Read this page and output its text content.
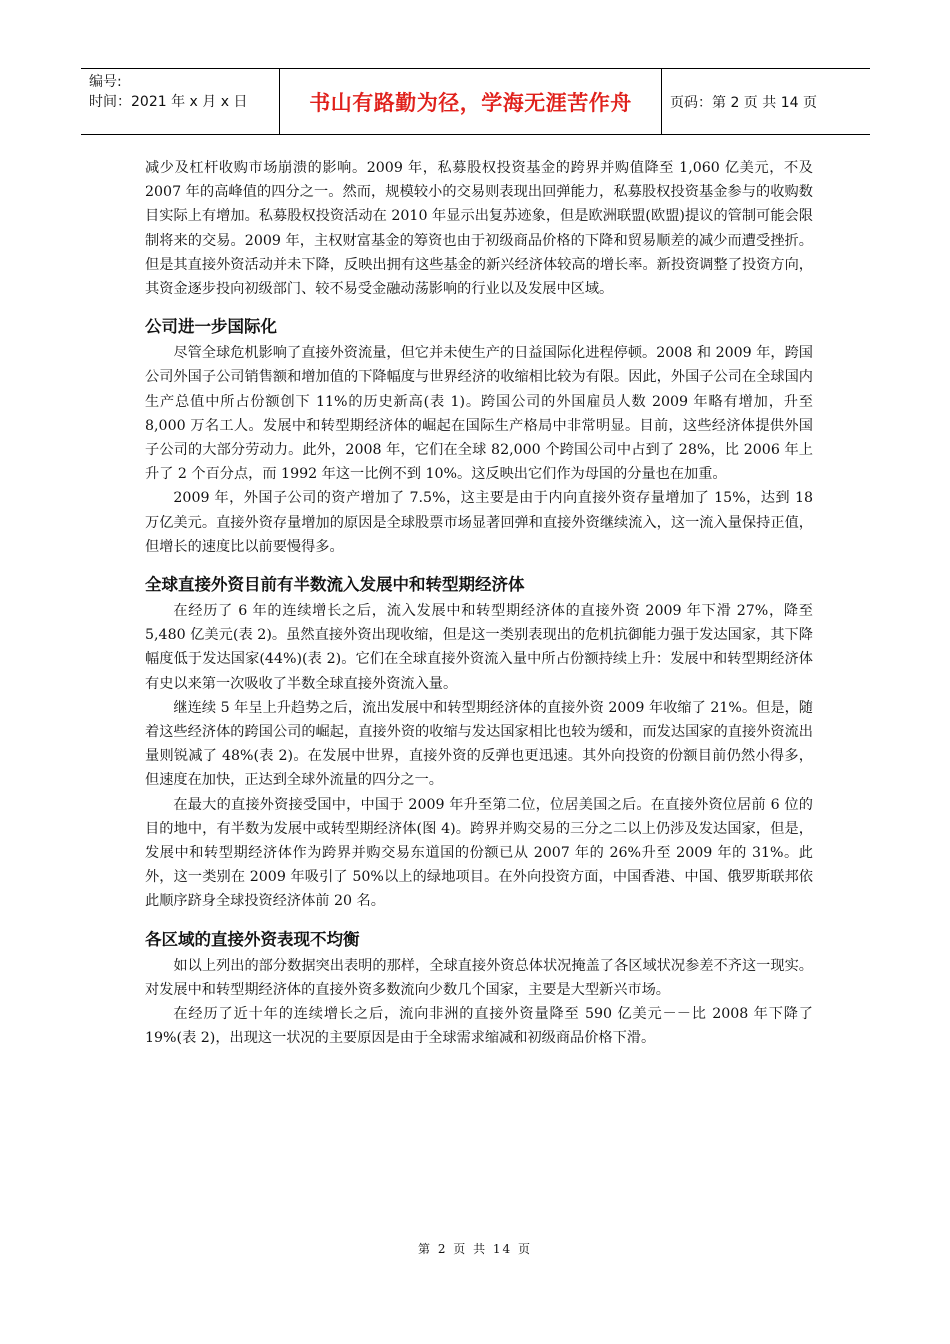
编号:
时间：2021 年 x 月 x 日	书山有路勤为径，学海无涯苦作舟	页码：第 2 页 共 14 页

减少及杠杆收购市场崩溃的影响。2009 年，私募股权投资基金的跨界并购值降至 1,060 亿美元，不及 2007 年的高峰值的四分之一。然而，规模较小的交易则表现出回弹能力，私募股权投资基金参与的收购数目实际上有增加。私募股权投资活动在 2010 年显示出复苏迹象，但是欧洲联盟(欧盟)提议的管制可能会限制将来的交易。2009 年，主权财富基金的筹资也由于初级商品价格的下降和贸易顺差的减少而遭受挫折。但是其直接外资活动并未下降，反映出拥有这些基金的新兴经济体较高的增长率。新投资调整了投资方向，其资金逐步投向初级部门、较不易受金融动荡影响的行业以及发展中区域。

公司进一步国际化

尽管全球危机影响了直接外资流量，但它并未使生产的日益国际化进程停顿。2008 和 2009 年，跨国公司外国子公司销售额和增加值的下降幅度与世界经济的收缩相比较为有限。因此，外国子公司在全球国内生产总值中所占份额创下 11%的历史新高(表 1)。跨国公司的外国雇员人数 2009 年略有增加，升至 8,000 万名工人。发展中和转型期经济体的崛起在国际生产格局中非常明显。目前，这些经济体提供外国子公司的大部分劳动力。此外，2008 年，它们在全球 82,000 个跨国公司中占到了 28%，比 2006 年上升了 2 个百分点，而 1992 年这一比例不到 10%。这反映出它们作为母国的分量也在加重。

2009 年，外国子公司的资产增加了 7.5%，这主要是由于内向直接外资存量增加了 15%，达到 18 万亿美元。直接外资存量增加的原因是全球股票市场显著回弹和直接外资继续流入，这一流入量保持正值，但增长的速度比以前要慢得多。

全球直接外资目前有半数流入发展中和转型期经济体

在经历了 6 年的连续增长之后，流入发展中和转型期经济体的直接外资 2009 年下滑 27%，降至 5,480 亿美元(表 2)。虽然直接外资出现收缩，但是这一类别表现出的危机抗御能力强于发达国家，其下降幅度低于发达国家(44%)(表 2)。它们在全球直接外资流入量中所占份额持续上升：发展中和转型期经济体有史以来第一次吸收了半数全球直接外资流入量。

继连续 5 年呈上升趋势之后，流出发展中和转型期经济体的直接外资 2009 年收缩了 21%。但是，随着这些经济体的跨国公司的崛起，直接外资的收缩与发达国家相比也较为缓和，而发达国家的直接外资流出量则锐减了 48%(表 2)。在发展中世界，直接外资的反弹也更迅速。其外向投资的份额目前仍然小得多，但速度在加快，正达到全球外流量的四分之一。

在最大的直接外资接受国中，中国于 2009 年升至第二位，位居美国之后。在直接外资位居前 6 位的目的地中，有半数为发展中或转型期经济体(图 4)。跨界并购交易的三分之二以上仍涉及发达国家，但是，发展中和转型期经济体作为跨界并购交易东道国的份额已从 2007 年的 26%升至 2009 年的 31%。此外，这一类别在 2009 年吸引了 50%以上的绿地项目。在外向投资方面，中国香港、中国、俄罗斯联邦依此顺序跻身全球投资经济体前 20 名。

各区域的直接外资表现不均衡

如以上列出的部分数据突出表明的那样，全球直接外资总体状况掩盖了各区域状况参差不齐这一现实。对发展中和转型期经济体的直接外资多数流向少数几个国家，主要是大型新兴市场。

在经历了近十年的连续增长之后，流向非洲的直接外资量降至 590 亿美元－－比 2008 年下降了 19%(表 2)，出现这一状况的主要原因是由于全球需求缩减和初级商品价格下滑。

第 2 页 共 14 页
